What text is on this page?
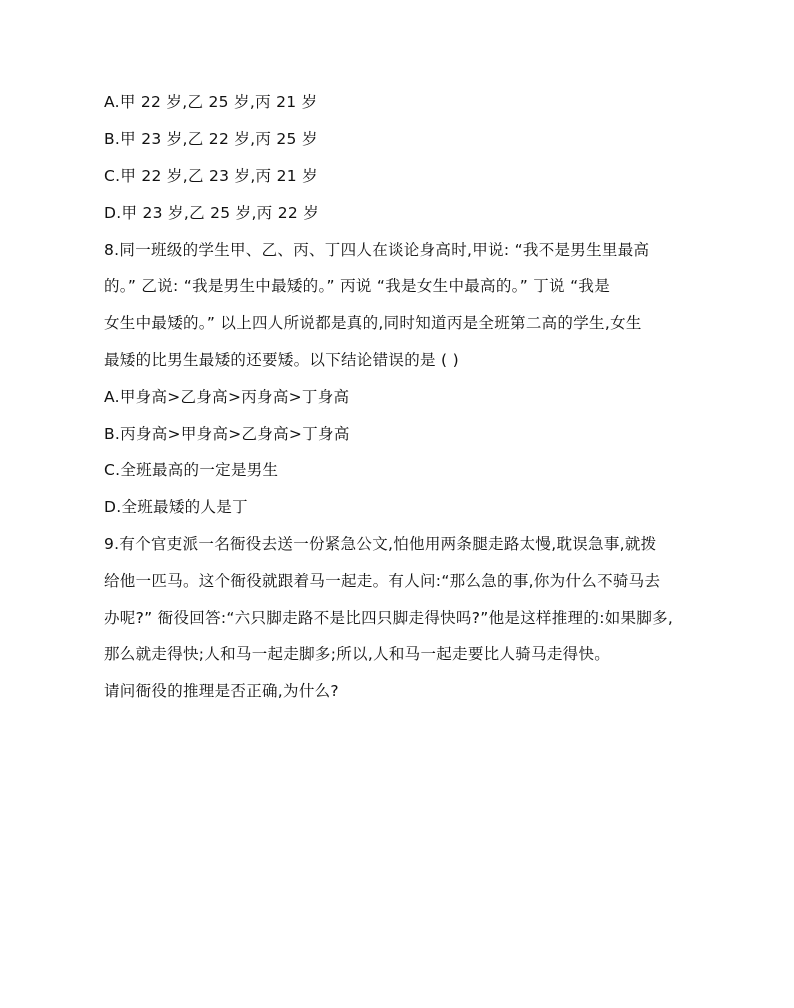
A.甲 22 岁,乙 25 岁,丙 21 岁
B.甲 23 岁,乙 22 岁,丙 25 岁
C.甲 22 岁,乙 23 岁,丙 21 岁
D.甲 23 岁,乙 25 岁,丙 22 岁
8.同一班级的学生甲、乙、丙、丁四人在谈论身高时,甲说: “我不是男生里最高
的。” 乙说: “我是男生中最矮的。” 丙说 “我是女生中最高的。” 丁说 “我是
女生中最矮的。” 以上四人所说都是真的,同时知道丙是全班第二高的学生,女生
最矮的比男生最矮的还要矮。以下结论错误的是 ( )
A.甲身高>乙身高>丙身高>丁身高
B.丙身高>甲身高>乙身高>丁身高
C.全班最高的一定是男生
D.全班最矮的人是丁
9.有个官吏派一名衙役去送一份紧急公文,怕他用两条腿走路太慢,耽误急事,就拨
给他一匹马。这个衙役就跟着马一起走。有人问:“那么急的事,你为什么不骑马去
办呢?” 衙役回答:“六只脚走路不是比四只脚走得快吗?”他是这样推理的:如果脚多,
那么就走得快;人和马一起走脚多;所以,人和马一起走要比人骑马走得快。
请问衙役的推理是否正确,为什么?
